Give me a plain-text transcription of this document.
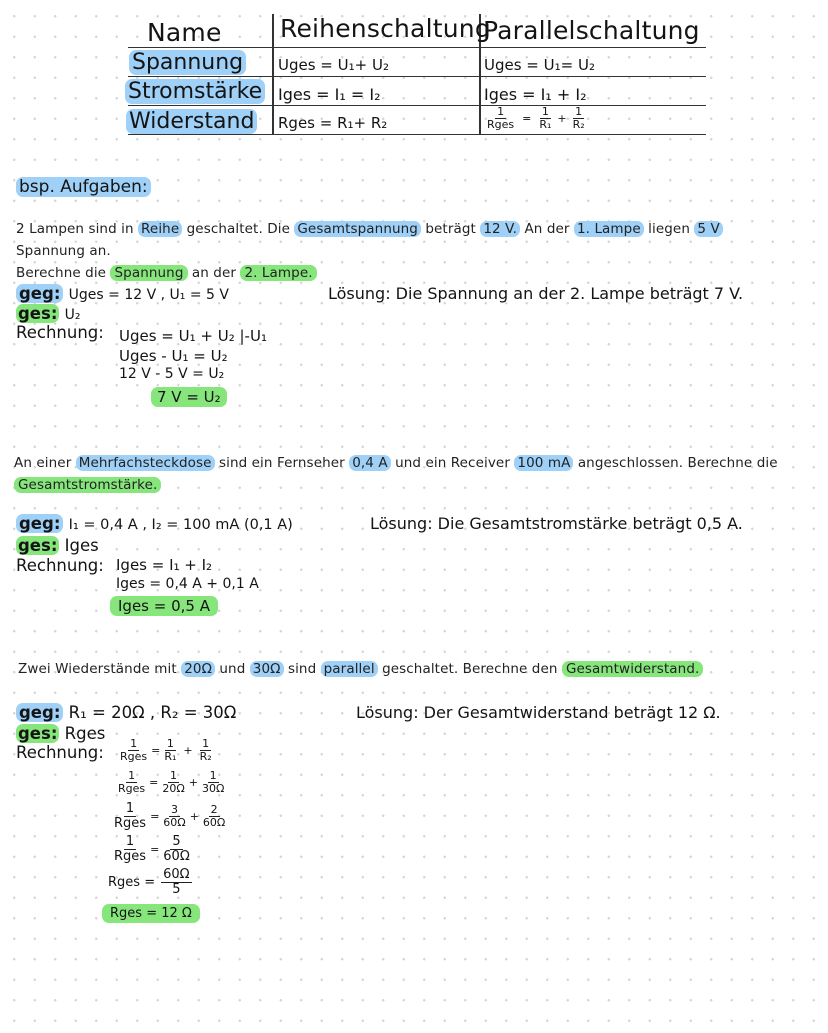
Name Reihenschaltung
Parallelschaltung
Spannung
Stromstärke
Widerstand
Uges = U₁+ U₂
Iges = I₁ = I₂
Rges = R₁+ R₂
Uges = U₁= U₂
Iges = I₁ + I₂
$\frac{1}{\text{Rges}} = \frac{1}{\text{R₁}} + \frac{1}{\text{R₂}}$
bsp. Aufgaben:
2 Lampen sind in Reihe geschaltet. Die Gesamtspannung beträgt 12 V. An der 1. Lampe liegen 5 V Spannung an.
Berechne die Spannung an der 2. Lampe.
geg: Uges = 12 V , U₁ = 5 V
ges: U₂
Rechnung: Uges = U₁ + U₂ |-U₁
Uges - U₁ = U₂
12 V - 5 V = U₂
7 V = U₂
Lösung: Die Spannung an der 2. Lampe beträgt 7 V.
An einer Mehrfachsteckdose sind ein Fernseher 0,4 A und ein Receiver 100 mA angeschlossen. Berechne die
Gesamtstromstärke.
geg: I₁ = 0,4 A , I₂ = 100 mA (0,1 A)
ges: Iges
Rechnung: Iges = I₁ + I₂
Iges = 0,4 A + 0,1 A
Iges = 0,5 A
Lösung: Die Gesamtstromstärke beträgt 0,5 A.
Zwei Wiederstände mit 20Ω und 30Ω sind parallel geschaltet. Berechne den Gesamtwiderstand.
geg: R₁ = 20Ω , R₂ = 30Ω
ges: Rges
Rechnung: $\frac{1}{\text{Rges}} = \frac{1}{\text{R₁}} + \frac{1}{\text{R₂}}$
$\frac{1}{\text{Rges}} = \frac{1}{20\Omega} + \frac{1}{30\Omega}$
$\frac{1}{\text{Rges}} = \frac{3}{60\Omega} + \frac{2}{60\Omega}$
$\frac{1}{\text{Rges}} = \frac{5}{60\Omega}$
Rges = $\frac{60\Omega}{5}$
Rges = 12 Ω
Lösung: Der Gesamtwiderstand beträgt 12 Ω.
